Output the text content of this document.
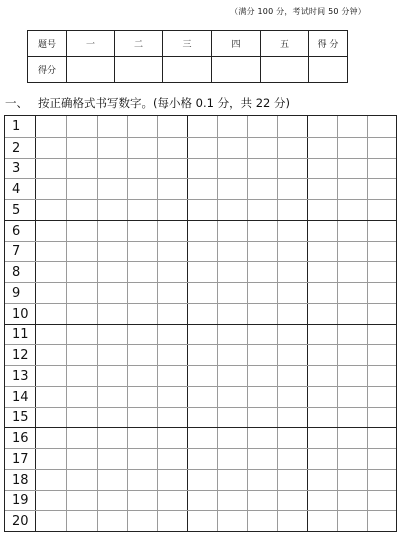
（满分 100 分，考试时间 50 分钟）
题号	一	二	三	四	五	得 分
得分						
一、 按正确格式书写数字。(每小格 0.1 分，共 22 分)
1
2
3
4
5
6
7
8
9
10
11
12
13
14
15
16
17
18
19
20
